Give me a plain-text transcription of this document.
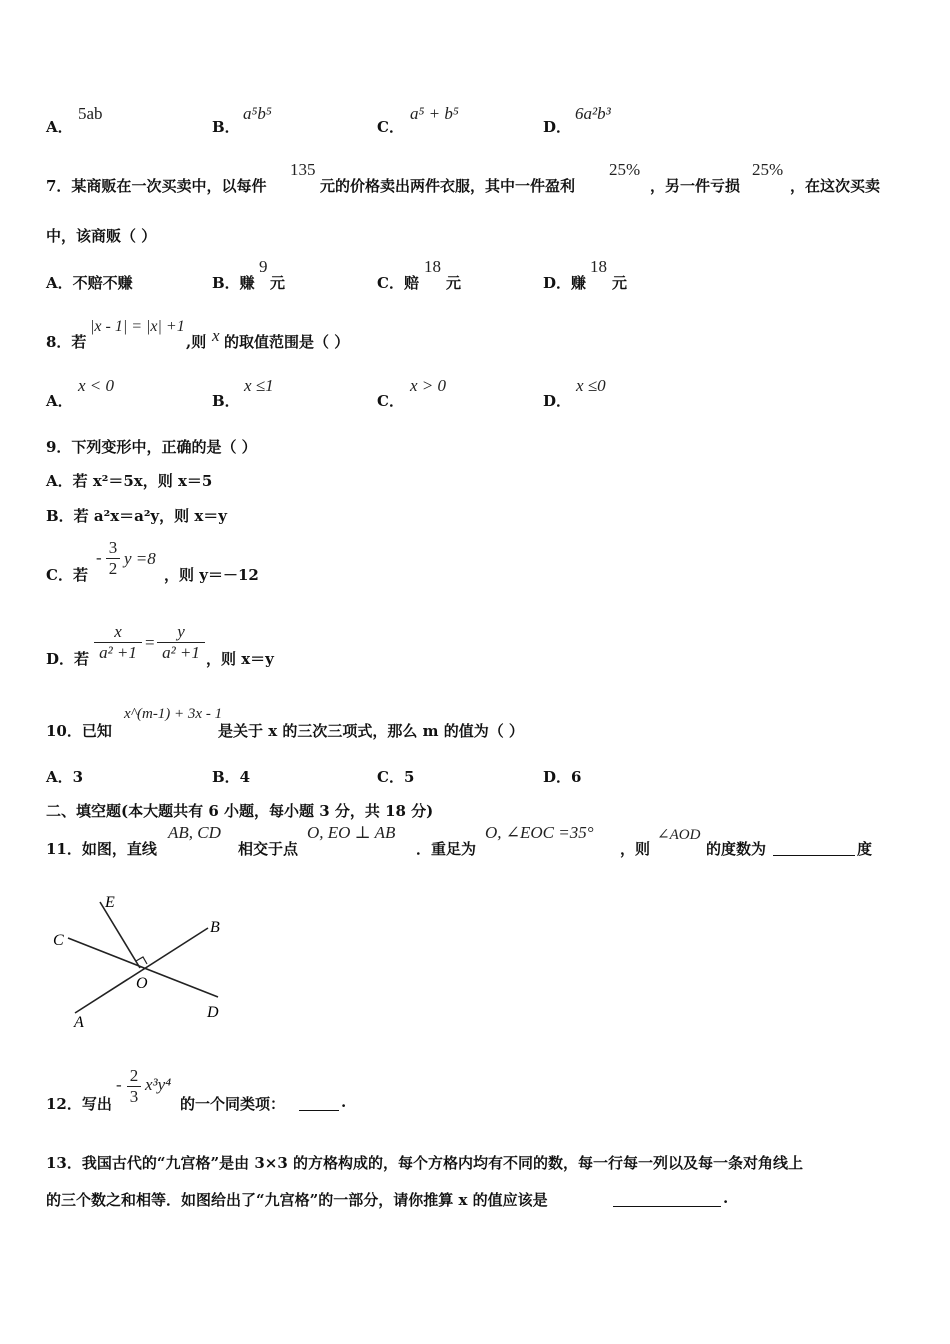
A．
5ab
B．
a⁵b⁵
C．
a⁵ + b⁵
D．
6a²b³
7．某商贩在一次买卖中，以每件
135
元的价格卖出两件衣服，其中一件盈利
25%
，另一件亏损
25%
，在这次买卖
中，该商贩（ ）
A．不赔不赚	B．赚
9
元	C．赔
18
元	D．赚
18
元
8．若
|x - 1| = |x| +1
,则 x 的取值范围是（ ）
A．
x < 0
B．
x ≤1
C．
x > 0
D．
x ≤0
9．下列变形中，正确的是（ ）
A．若 x²＝5x，则 x＝5
B．若 a²x＝a²y，则 x＝y
C．若
- $\frac{3}{2}$ y =8
，则 y＝－12
D．若 $\frac{x}{\text{a² +1}} = \frac{y}{\text{a² +1}}$ ，则 x＝y
10．已知
x^(m-1) + 3x - 1
是关于 x 的三次三项式，那么 m 的值为（ ）
A．3	B．4	C．5	D．6
二、填空题(本大题共有 6 小题，每小题 3 分，共 18 分)
11．如图，直线
AB, CD
相交于点
O, EO ⊥ AB
．重足为
O, ∠EOC =35°
，则
∠AOD
的度数为	度
E
C
B
O
A
D
12．写出
- $\frac{2}{3} x^3y^4$
的一个同类项：	.
13．我国古代的“九宫格”是由 3×3 的方格构成的，每个方格内均有不同的数，每一行每一列以及每一条对角线上
的三个数之和相等．如图给出了“九宫格”的一部分，请你推算 x 的值应该是	.
